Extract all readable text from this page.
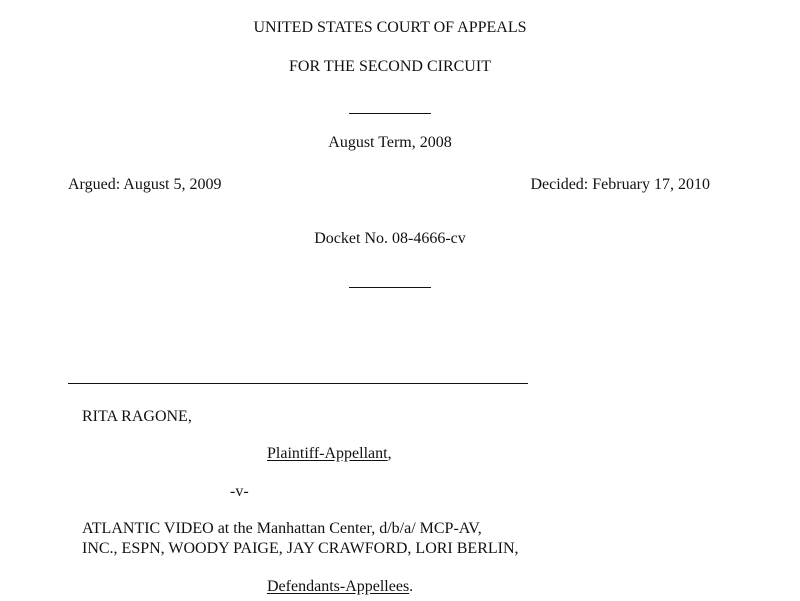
UNITED STATES COURT OF APPEALS
FOR THE SECOND CIRCUIT
August Term, 2008
Argued: August 5, 2009	Decided: February 17, 2010
Docket No. 08-4666-cv
RITA RAGONE,
Plaintiff-Appellant,
-v-
ATLANTIC VIDEO at the Manhattan Center, d/b/a/ MCP-AV,
INC., ESPN, WOODY PAIGE, JAY CRAWFORD, LORI BERLIN,
Defendants-Appellees.
